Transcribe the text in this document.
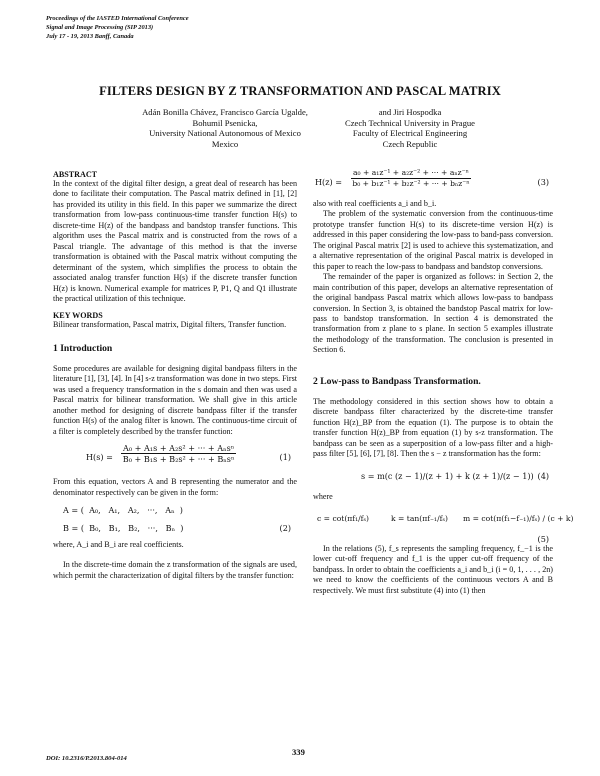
Proceedings of the IASTED International Conference
Signal and Image Processing (SIP 2013)
July 17 - 19, 2013 Banff, Canada
FILTERS DESIGN BY Z TRANSFORMATION AND PASCAL MATRIX
Adán Bonilla Chávez, Francisco García Ugalde,
Bohumil Psenicka,
University National Autonomous of Mexico
Mexico
and Jiri Hospodka
Czech Technical University in Prague
Faculty of Electrical Engineering
Czech Republic
ABSTRACT

In the context of the digital filter design, a great deal of research has been done to facilitate their computation. The Pascal matrix defined in [1], [2] has provided its utility in this field. In this paper we summarize the direct transformation from low-pass continuous-time transfer function H(s) to discrete-time H(z) of the bandpass and bandstop transfer functions. This algorithm uses the Pascal matrix and is constructed from the rows of a Pascal triangle. The advantage of this method is that the inverse transformation is obtained with the Pascal matrix without computing the determinant of the system, which simplifies the process to obtain the associated analog transfer function H(s) if the discrete transfer function H(z) is known. Numerical example for matrices P, P1, Q and Q1 illustrate the practical utilization of this technique.

KEY WORDS

Bilinear transformation, Pascal matrix, Digital filters, Transfer function.

1 Introduction

Some procedures are available for designing digital bandpass filters in the literature [1], [3], [4]. In [4] s-z transformation was done in two steps. First was used a frequency transformation in the s domain and then was used a Pascal matrix for bilinear transformation. We shall give in this article another method for designing of discrete bandpass filter if the transfer function H(s) of the analog filter is known. The continuous-time circuit of a filter is completely described by the transfer function:

H(s) =
A₀ + A₁s + A₂s² + ··· + Aₙsⁿ
B₀ + B₁s + B₂s² + ··· + Bₙsⁿ	(1)

From this equation, vectors A and B representing the numerator and the denominator respectively can be given in the form:

A = (  A₀,   A₁,   A₂,   ···,   Aₙ  )
B = (  B₀,   B₁,   B₂,   ···,   Bₙ  )	(2)

where, A_i and B_i are real coefficients.

In the discrete-time domain the z transformation of the signals are used, which permit the characterization of digital filters by the transfer function:

H(z) =
a₀ + a₁z⁻¹ + a₂z⁻² + ··· + aₙz⁻ⁿ
b₀ + b₁z⁻¹ + b₂z⁻² + ··· + bₙz⁻ⁿ	(3)

also with real coefficients a_i and b_i.

The problem of the systematic conversion from the continuous-time prototype transfer function H(s) to its discrete-time version H(z) is addressed in this paper considering the low-pass to band-pass conversion. The original Pascal matrix [2] is used to achieve this systematization, and a alternative representation of the original Pascal matrix is developed in this paper to reach the low-pass to bandpass and bandstop conversions.

The remainder of the paper is organized as follows: in Section 2, the main contribution of this paper, develops an alternative representation of the original bandpass Pascal matrix which allows low-pass to bandpass conversion. In Section 3, is obtained the bandstop Pascal matrix for low-pass to bandstop transformation. In section 4 is demonstrated the transformation from z plane to s plane. In section 5 examples illustrate the methodology of the transformation. The conclusion is presented in Section 6.

2 Low-pass to Bandpass Transformation.

The methodology considered in this section shows how to obtain a discrete bandpass filter characterized by the discrete-time transfer function H(z)_BP from the equation (1). The purpose is to obtain the transfer function H(z)_BP from equation (1) by s-z transformation. The bandpass can be seen as a superposition of a low-pass filter and a high-pass filter [5], [6], [7], [8]. Then the s − z transformation has the form:

s = m(c (z − 1)/(z + 1) + k (z + 1)/(z − 1)) (4)

where

c = cot(πf₁/fₛ)	k = tan(πf₋₁/fₛ) m = cot(π(f₁−f₋₁)/fₛ) / (c + k)
(5)

In the relations (5), f_s represents the sampling frequency, f_−1 is the lower cut-off frequency and f_1 is the upper cut-off frequency of the bandpass. In order to obtain the coefficients a_i and b_i (i = 0, 1, . . . , 2n) we need to know the coefficients of the continuous vectors A and B respectively. We must first substitute (4) into (1) then

DOI: 10.2316/P.2013.804-014
339
